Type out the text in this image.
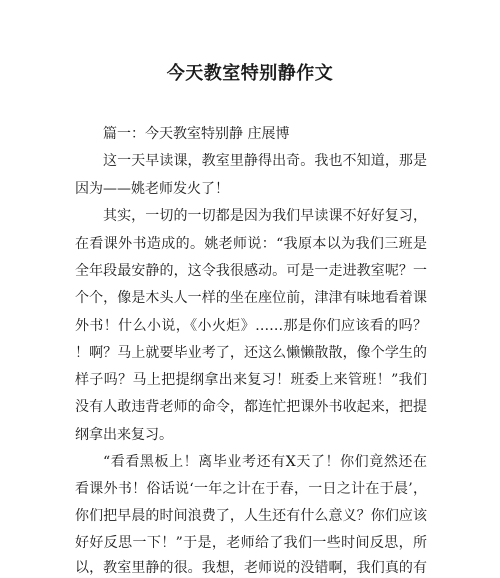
今天教室特别静作文

篇一：今天教室特别静 庄展博

这一天早读课，教室里静得出奇。我也不知道，那是

因为——姚老师发火了！

其实，一切的一切都是因为我们早读课不好好复习，

在看课外书造成的。姚老师说：“我原本以为我们三班是

全年段最安静的，这令我很感动。可是一走进教室呢？一

个个，像是木头人一样的坐在座位前，津津有味地看着课

外书！什么小说，《小火炬》……那是你们应该看的吗？

！啊？马上就要毕业考了，还这么懒懒散散，像个学生的

样子吗？马上把提纲拿出来复习！班委上来管班！”我们

没有人敢违背老师的命令，都连忙把课外书收起来，把提

纲拿出来复习。

“看看黑板上！离毕业考还有X天了！你们竟然还在

看课外书！俗话说‘一年之计在于春，一日之计在于晨’，

你们把早晨的时间浪费了，人生还有什么意义？你们应该

好好反思一下！”于是，老师给了我们一些时间反思，所

以，教室里静的很。我想，老师说的没错啊，我们真的有
